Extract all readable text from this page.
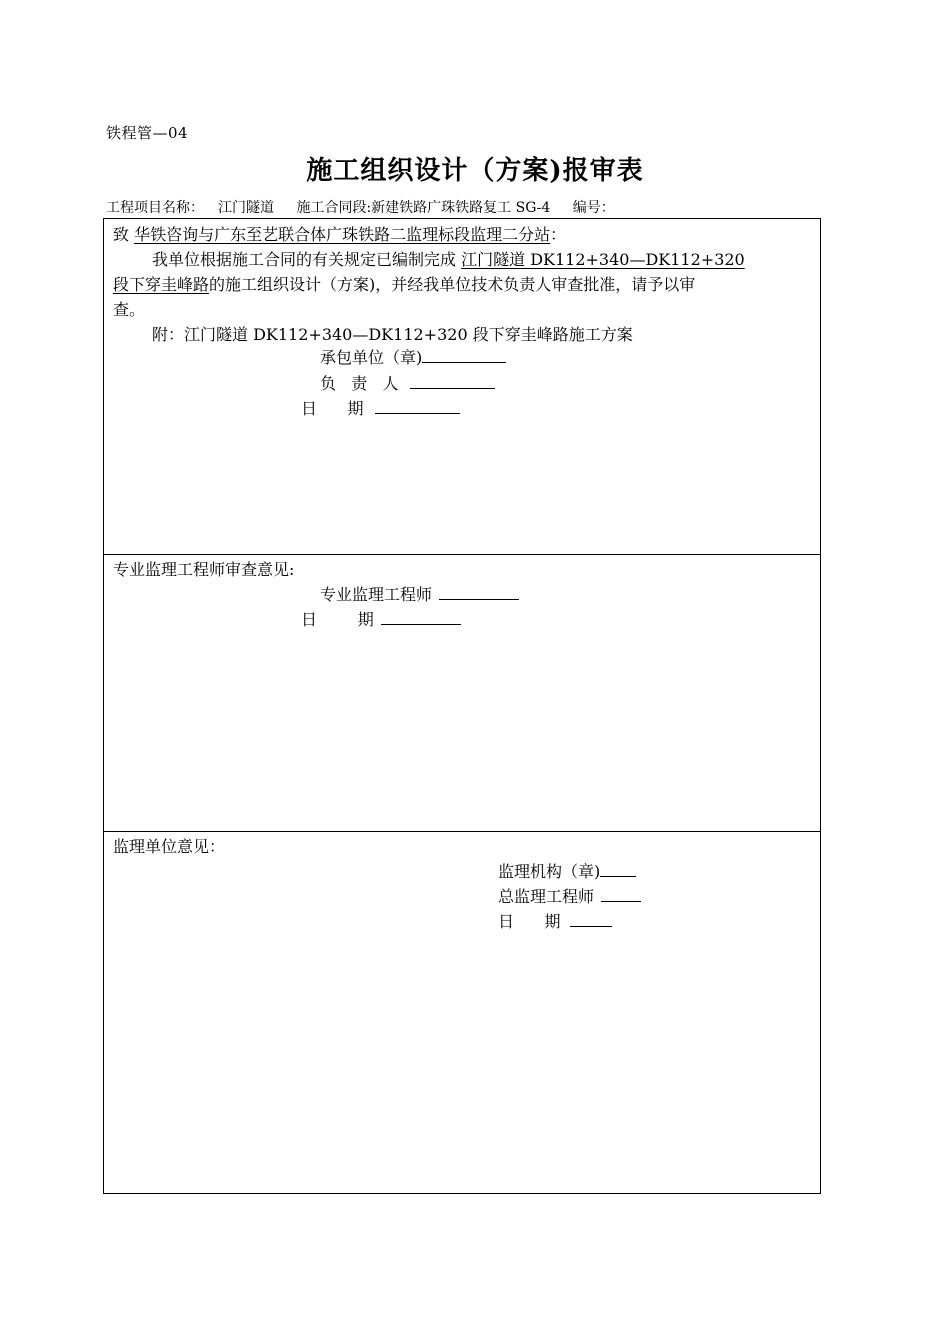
铁程管—04
施工组织设计（方案)报审表
工程项目名称： 江门隧道 施工合同段:新建铁路广珠铁路复工 SG-4 编号：
致 华铁咨询与广东至艺联合体广珠铁路二监理标段监理二分站：
我单位根据施工合同的有关规定已编制完成 江门隧道 DK112+340—DK112+320
段下穿圭峰路的施工组织设计（方案)，并经我单位技术负责人审查批准，请予以审
查。
附：江门隧道 DK112+340—DK112+320 段下穿圭峰路施工方案
承包单位（章)
负   责   人
日      期
专业监理工程师审查意见:
专业监理工程师
日        期
监理单位意见：
监理机构（章)
总监理工程师
日      期
